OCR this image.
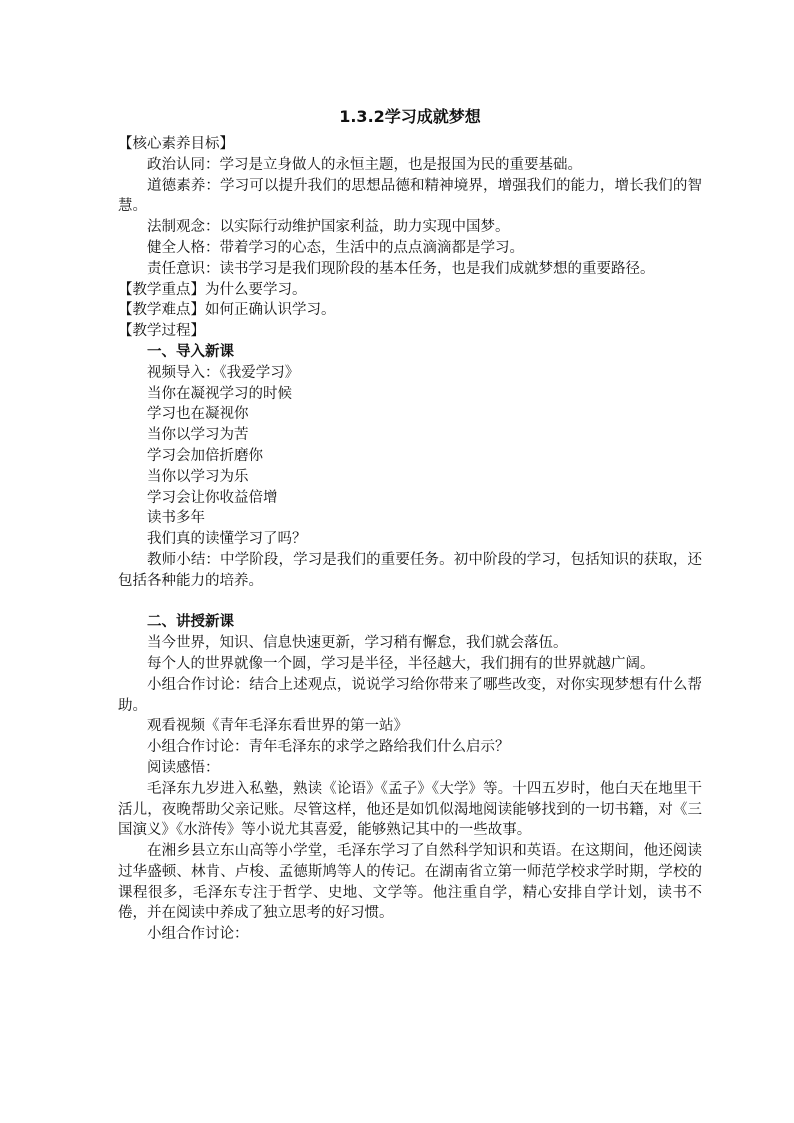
1.3.2学习成就梦想

【核心素养目标】

政治认同：学习是立身做人的永恒主题，也是报国为民的重要基础。

道德素养：学习可以提升我们的思想品德和精神境界，增强我们的能力，增长我们的智慧。

法制观念：以实际行动维护国家利益，助力实现中国梦。

健全人格：带着学习的心态，生活中的点点滴滴都是学习。

责任意识：读书学习是我们现阶段的基本任务，也是我们成就梦想的重要路径。

【教学重点】为什么要学习。

【教学难点】如何正确认识学习。

【教学过程】

一、导入新课

视频导入：《我爱学习》

当你在凝视学习的时候

学习也在凝视你

当你以学习为苦

学习会加倍折磨你

当你以学习为乐

学习会让你收益倍增

读书多年

我们真的读懂学习了吗？

教师小结：中学阶段，学习是我们的重要任务。初中阶段的学习，包括知识的获取，还包括各种能力的培养。

二、讲授新课

当今世界，知识、信息快速更新，学习稍有懈怠，我们就会落伍。

每个人的世界就像一个圆，学习是半径，半径越大，我们拥有的世界就越广阔。

小组合作讨论：结合上述观点，说说学习给你带来了哪些改变，对你实现梦想有什么帮助。

观看视频《青年毛泽东看世界的第一站》

小组合作讨论：青年毛泽东的求学之路给我们什么启示？

阅读感悟：

毛泽东九岁进入私塾，熟读《论语》《孟子》《大学》等。十四五岁时，他白天在地里干活儿，夜晚帮助父亲记账。尽管这样，他还是如饥似渴地阅读能够找到的一切书籍，对《三国演义》《水浒传》等小说尤其喜爱，能够熟记其中的一些故事。

在湘乡县立东山高等小学堂，毛泽东学习了自然科学知识和英语。在这期间，他还阅读过华盛顿、林肯、卢梭、孟德斯鸠等人的传记。在湖南省立第一师范学校求学时期，学校的课程很多，毛泽东专注于哲学、史地、文学等。他注重自学，精心安排自学计划，读书不倦，并在阅读中养成了独立思考的好习惯。

小组合作讨论：
